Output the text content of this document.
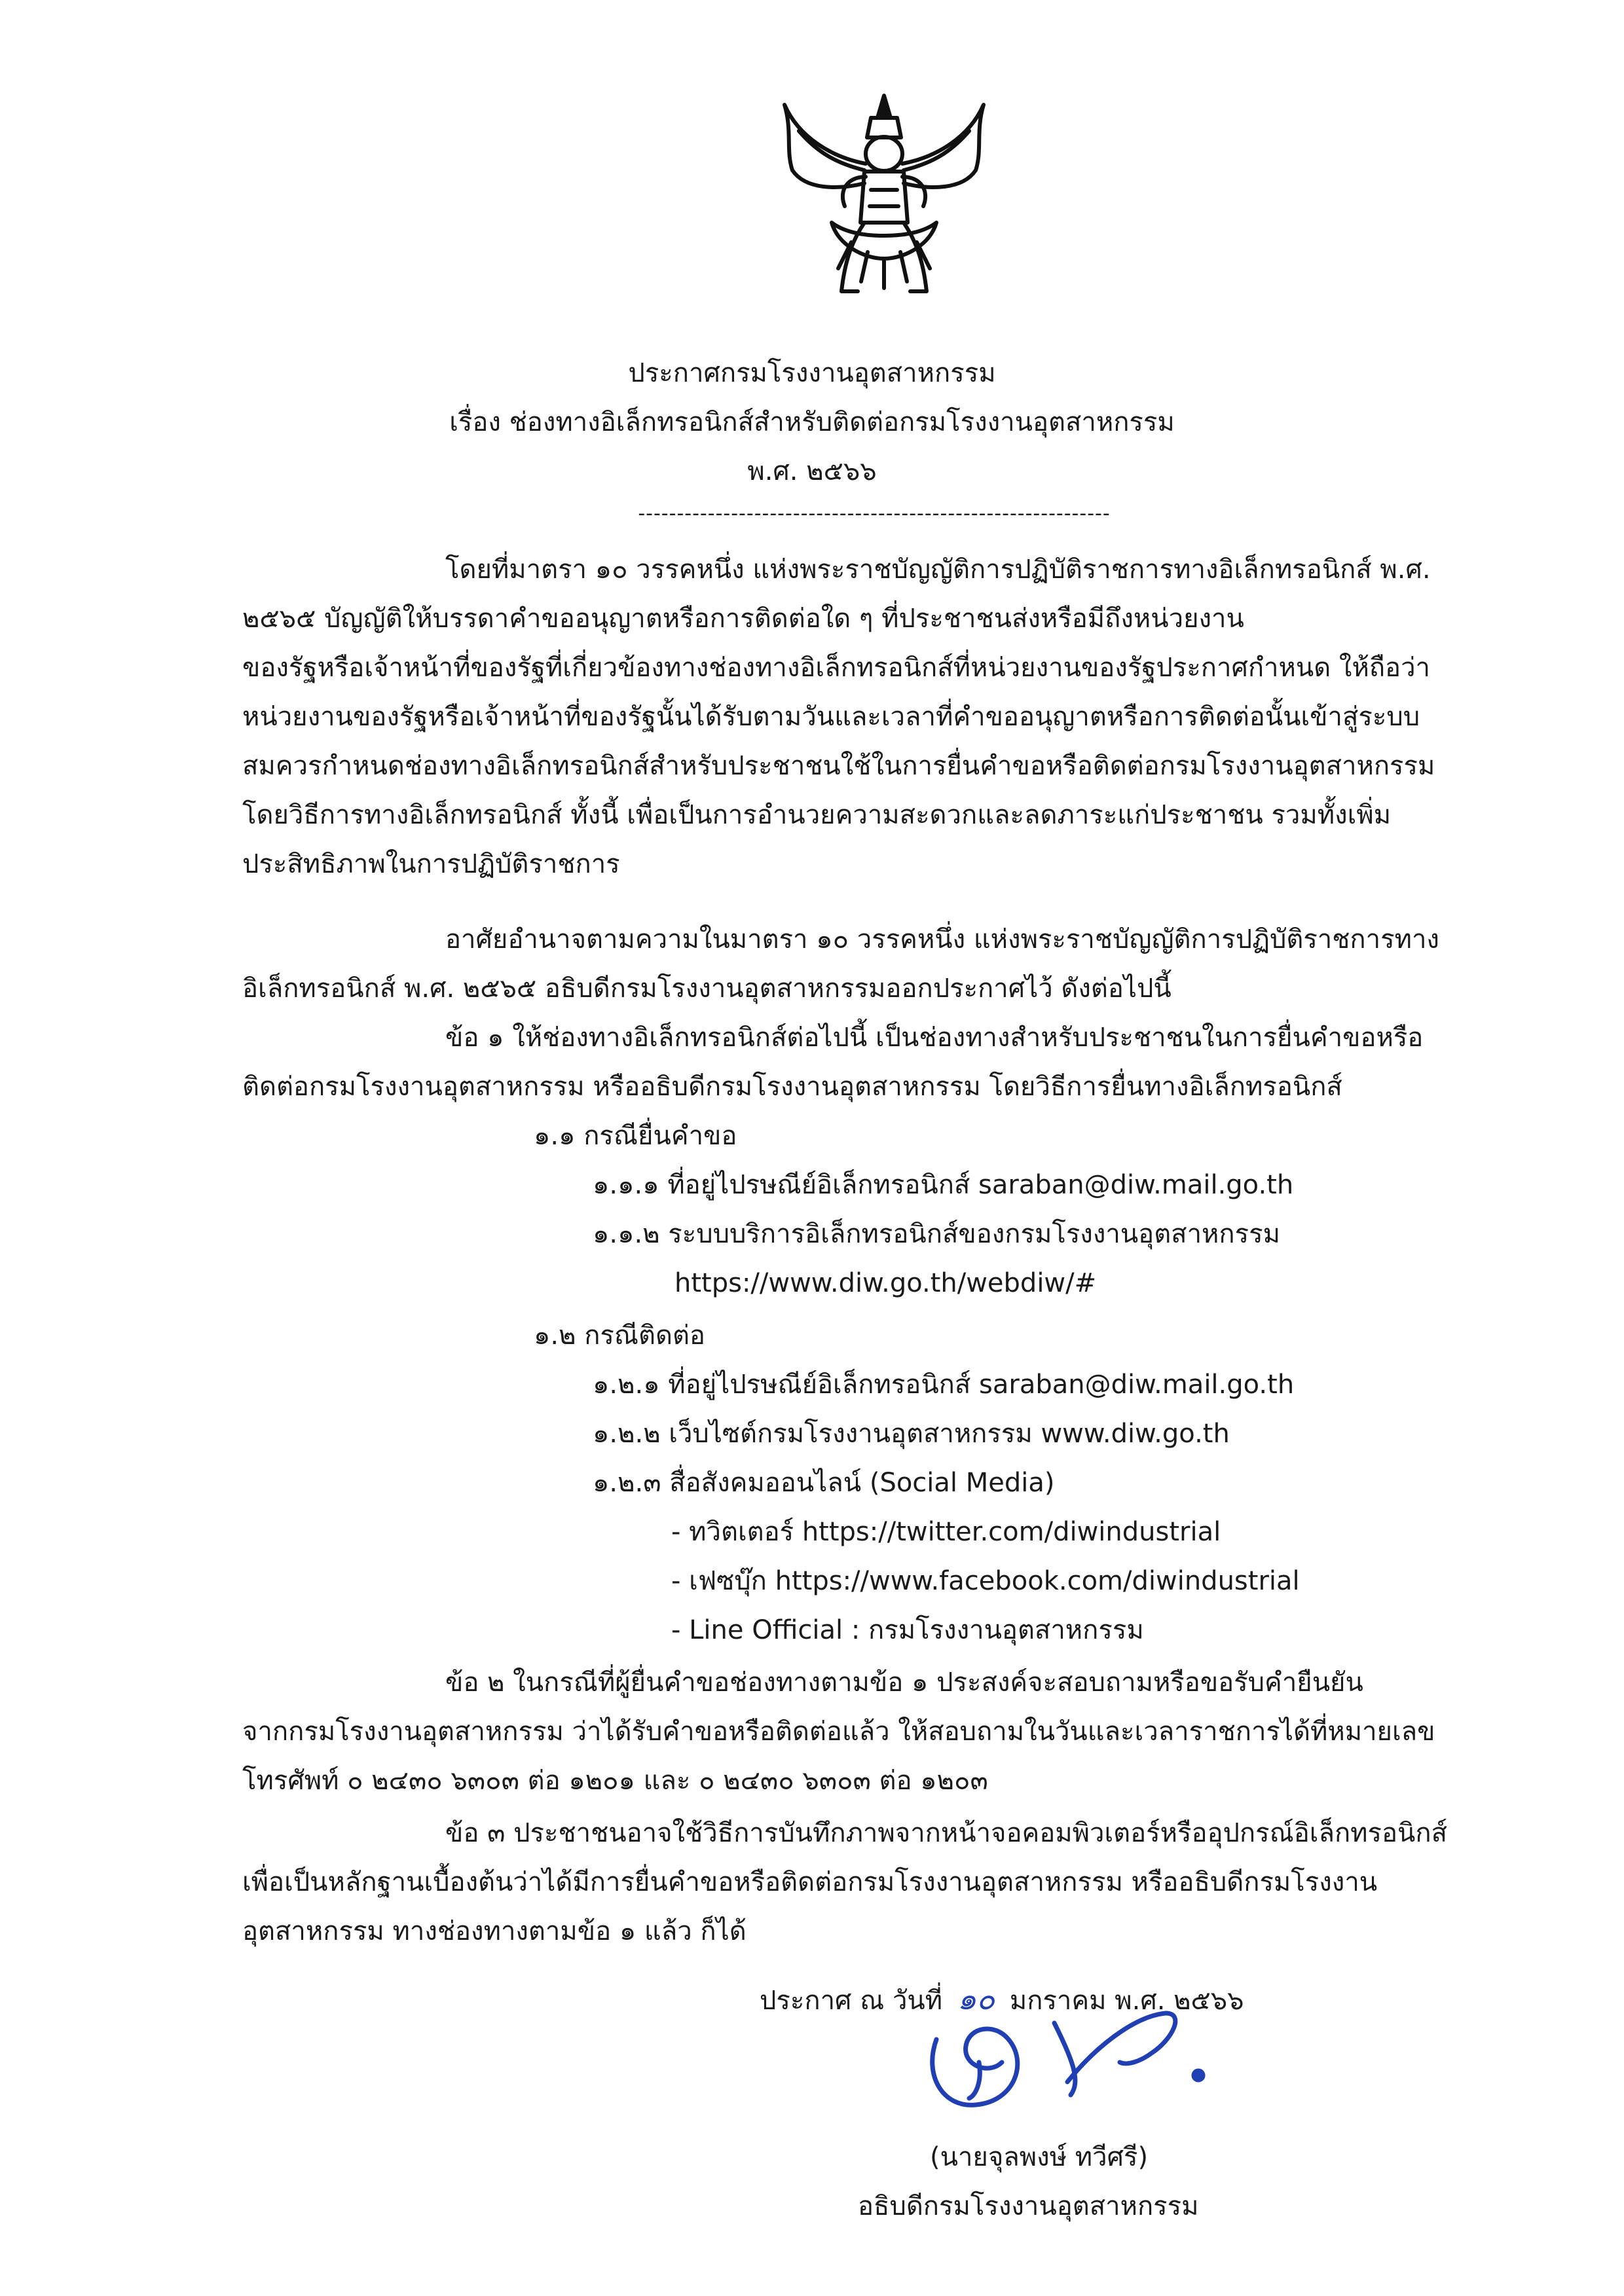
ประกาศกรมโรงงานอุตสาหกรรม
เรื่อง ช่องทางอิเล็กทรอนิกส์สำหรับติดต่อกรมโรงงานอุตสาหกรรม
พ.ศ. ๒๕๖๖
-------------------------------------------------------------
โดยที่มาตรา ๑๐ วรรคหนึ่ง แห่งพระราชบัญญัติการปฏิบัติราชการทางอิเล็กทรอนิกส์ พ.ศ.
๒๕๖๕ บัญญัติให้บรรดาคำขออนุญาตหรือการติดต่อใด ๆ ที่ประชาชนส่งหรือมีถึงหน่วยงาน
ของรัฐหรือเจ้าหน้าที่ของรัฐที่เกี่ยวข้องทางช่องทางอิเล็กทรอนิกส์ที่หน่วยงานของรัฐประกาศกำหนด ให้ถือว่า
หน่วยงานของรัฐหรือเจ้าหน้าที่ของรัฐนั้นได้รับตามวันและเวลาที่คำขออนุญาตหรือการติดต่อนั้นเข้าสู่ระบบ
สมควรกำหนดช่องทางอิเล็กทรอนิกส์สำหรับประชาชนใช้ในการยื่นคำขอหรือติดต่อกรมโรงงานอุตสาหกรรม
โดยวิธีการทางอิเล็กทรอนิกส์ ทั้งนี้ เพื่อเป็นการอำนวยความสะดวกและลดภาระแก่ประชาชน รวมทั้งเพิ่ม
ประสิทธิภาพในการปฏิบัติราชการ
อาศัยอำนาจตามความในมาตรา ๑๐ วรรคหนึ่ง แห่งพระราชบัญญัติการปฏิบัติราชการทาง
อิเล็กทรอนิกส์ พ.ศ. ๒๕๖๕ อธิบดีกรมโรงงานอุตสาหกรรมออกประกาศไว้ ดังต่อไปนี้
ข้อ ๑ ให้ช่องทางอิเล็กทรอนิกส์ต่อไปนี้ เป็นช่องทางสำหรับประชาชนในการยื่นคำขอหรือ
ติดต่อกรมโรงงานอุตสาหกรรม หรืออธิบดีกรมโรงงานอุตสาหกรรม โดยวิธีการยื่นทางอิเล็กทรอนิกส์
๑.๑ กรณียื่นคำขอ
๑.๑.๑ ที่อยู่ไปรษณีย์อิเล็กทรอนิกส์ saraban@diw.mail.go.th
๑.๑.๒ ระบบบริการอิเล็กทรอนิกส์ของกรมโรงงานอุตสาหกรรม
https://www.diw.go.th/webdiw/#
๑.๒ กรณีติดต่อ
๑.๒.๑ ที่อยู่ไปรษณีย์อิเล็กทรอนิกส์ saraban@diw.mail.go.th
๑.๒.๒ เว็บไซต์กรมโรงงานอุตสาหกรรม www.diw.go.th
๑.๒.๓ สื่อสังคมออนไลน์ (Social Media)
- ทวิตเตอร์ https://twitter.com/diwindustrial
- เฟซบุ๊ก https://www.facebook.com/diwindustrial
- Line Official : กรมโรงงานอุตสาหกรรม
ข้อ ๒ ในกรณีที่ผู้ยื่นคำขอช่องทางตามข้อ ๑ ประสงค์จะสอบถามหรือขอรับคำยืนยัน
จากกรมโรงงานอุตสาหกรรม ว่าได้รับคำขอหรือติดต่อแล้ว ให้สอบถามในวันและเวลาราชการได้ที่หมายเลข
โทรศัพท์ ๐ ๒๔๓๐ ๖๓๐๓ ต่อ ๑๒๐๑ และ ๐ ๒๔๓๐ ๖๓๐๓ ต่อ ๑๒๐๓
ข้อ ๓ ประชาชนอาจใช้วิธีการบันทึกภาพจากหน้าจอคอมพิวเตอร์หรืออุปกรณ์อิเล็กทรอนิกส์
เพื่อเป็นหลักฐานเบื้องต้นว่าได้มีการยื่นคำขอหรือติดต่อกรมโรงงานอุตสาหกรรม หรืออธิบดีกรมโรงงาน
อุตสาหกรรม ทางช่องทางตามข้อ ๑ แล้ว ก็ได้
ประกาศ ณ วันที่ ๑๐ มกราคม พ.ศ. ๒๕๖๖
(นายจุลพงษ์ ทวีศรี)
อธิบดีกรมโรงงานอุตสาหกรรม
